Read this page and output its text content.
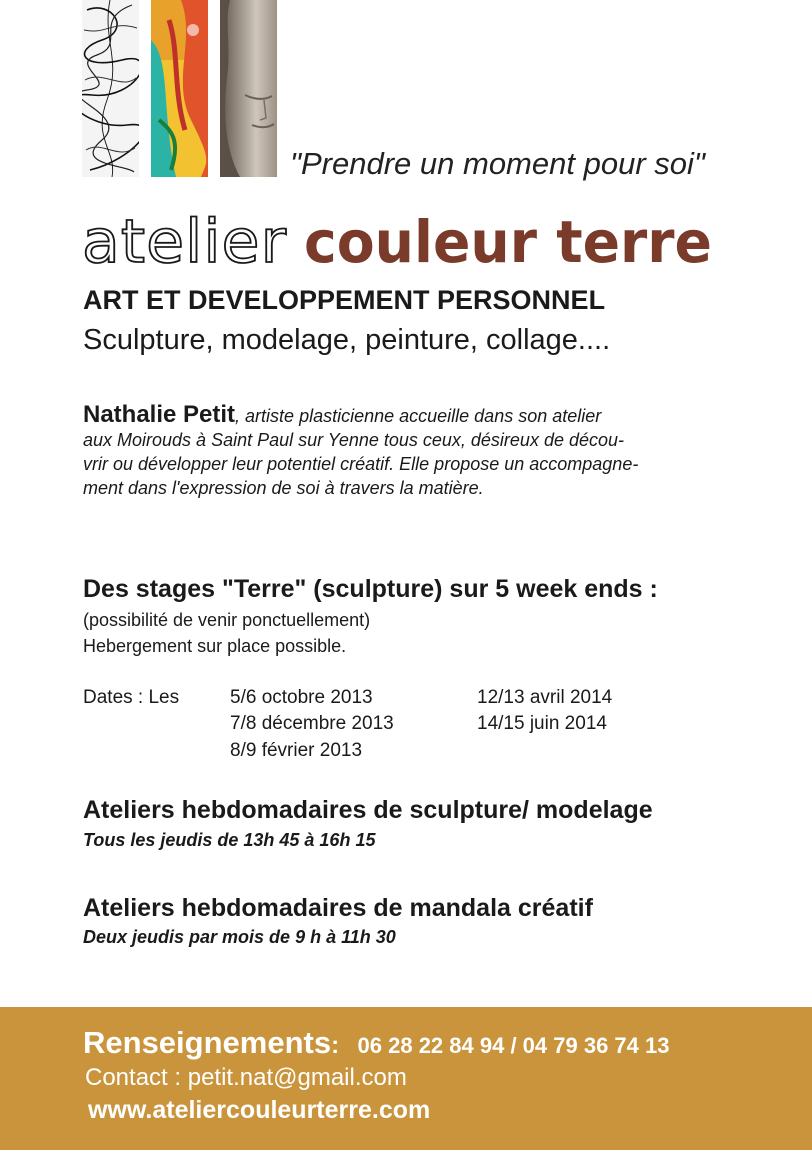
"Prendre un moment pour soi"
atelier couleur terre
ART ET DEVELOPPEMENT PERSONNEL
Sculpture, modelage, peinture, collage....
Nathalie Petit, artiste plasticienne accueille dans son atelier
aux Moirouds à Saint Paul sur Yenne tous ceux, désireux de décou-
vrir ou développer leur potentiel créatif. Elle propose un accompagne-
ment dans l'expression de soi à travers la matière.
Des stages "Terre" (sculpture) sur 5 week ends :
(possibilité de venir ponctuellement)
Hebergement sur place possible.
Dates : Les	5/6 octobre 2013
7/8 décembre 2013
8/9 février 2013
12/13 avril 2014
14/15 juin 2014
Ateliers hebdomadaires de sculpture/ modelage
Tous les jeudis de 13h 45 à 16h 15
Ateliers hebdomadaires de mandala créatif
Deux jeudis par mois de 9 h à 11h 30
Renseignements: 06 28 22 84 94 / 04 79 36 74 13
Contact : petit.nat@gmail.com
www.ateliercouleurterre.com
